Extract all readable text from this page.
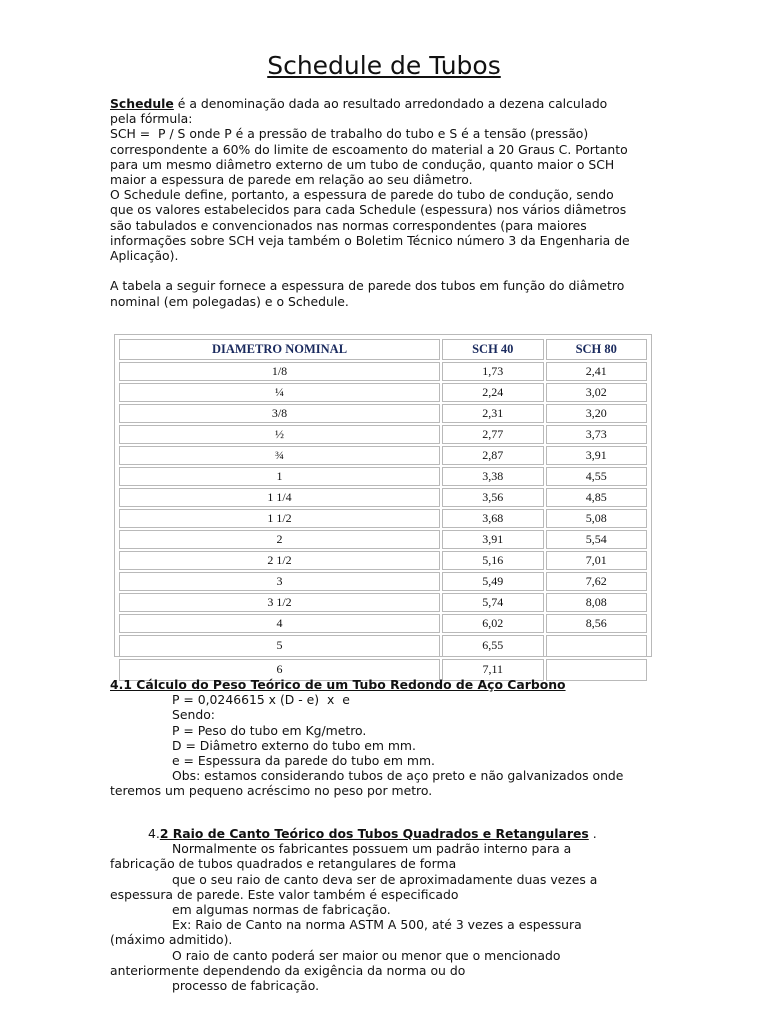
Schedule de Tubos

Schedule é a denominação dada ao resultado arredondado a dezena calculado

pela fórmula:

SCH =  P / S onde P é a pressão de trabalho do tubo e S é a tensão (pressão)

correspondente a 60% do limite de escoamento do material a 20 Graus C. Portanto

para um mesmo diâmetro externo de um tubo de condução, quanto maior o SCH

maior a espessura de parede em relação ao seu diâmetro.

O Schedule define, portanto, a espessura de parede do tubo de condução, sendo

que os valores estabelecidos para cada Schedule (espessura) nos vários diâmetros

são tabulados e convencionados nas normas correspondentes (para maiores

informações sobre SCH veja também o Boletim Técnico número 3 da Engenharia de

Aplicação).

A tabela a seguir fornece a espessura de parede dos tubos em função do diâmetro

nominal (em polegadas) e o Schedule.

DIAMETRO NOMINAL	SCH 40	SCH 80
1/8	1,73	2,41
¼	2,24	3,02
3/8	2,31	3,20
½	2,77	3,73
¾	2,87	3,91
1	3,38	4,55
1 1/4	3,56	4,85
1 1/2	3,68	5,08
2	3,91	5,54
2 1/2	5,16	7,01
3	5,49	7,62
3 1/2	5,74	8,08
4	6,02	8,56
5	6,55	
6	7,11	

4.1 Cálculo do Peso Teórico de um Tubo Redondo de Aço Carbono

P = 0,0246615 x (D - e)  x  e

Sendo:

P = Peso do tubo em Kg/metro.

D = Diâmetro externo do tubo em mm.

e = Espessura da parede do tubo em mm.

Obs: estamos considerando tubos de aço preto e não galvanizados onde

teremos um pequeno acréscimo no peso por metro.

4.2 Raio de Canto Teórico dos Tubos Quadrados e Retangulares .

Normalmente os fabricantes possuem um padrão interno para a

fabricação de tubos quadrados e retangulares de forma

que o seu raio de canto deva ser de aproximadamente duas vezes a

espessura de parede. Este valor também é especificado

em algumas normas de fabricação.

Ex: Raio de Canto na norma ASTM A 500, até 3 vezes a espessura

(máximo admitido).

O raio de canto poderá ser maior ou menor que o mencionado

anteriormente dependendo da exigência da norma ou do

processo de fabricação.
